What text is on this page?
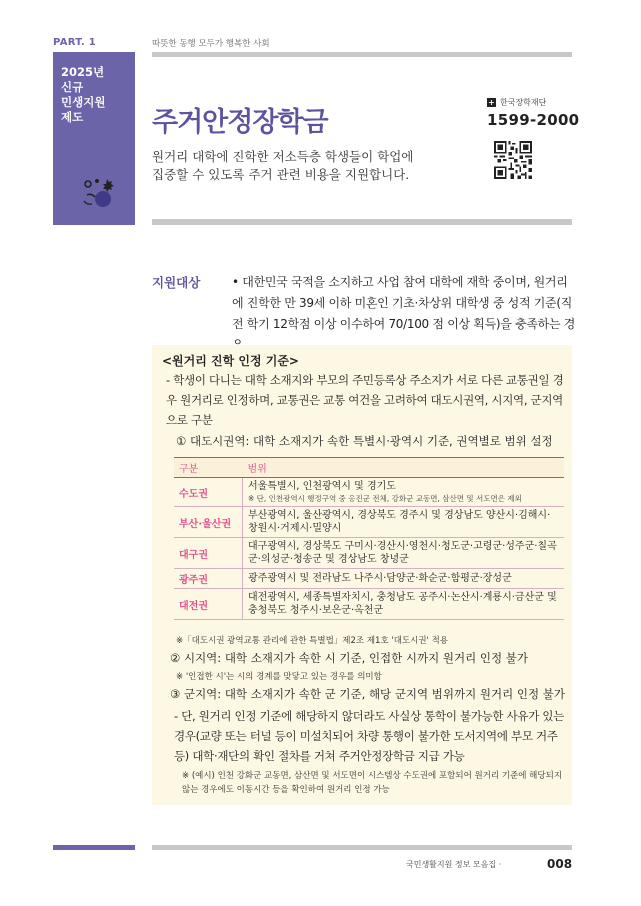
PART. 1	따뜻한 동행 모두가 행복한 사회
2025년
신규
민생지원
제도	주거안정장학금
원거리 대학에 진학한 저소득층 학생들이 학업에
집중할 수 있도록 주거 관련 비용을 지원합니다.
+ 한국장학재단
1599-2000
지원대상	• 대한민국 국적을 소지하고 사업 참여 대학에 재학 중이며, 원거리에 진학한 만 39세 이하 미혼인 기초·차상위 대학생 중 성적 기준(직전 학기 12학점 이상 이수하여 70/100 점 이상 획득)을 충족하는 경
<원거리 진학 인정 기준>
- 학생이 다니는 대학 소재지와 부모의 주민등록상 주소지가 서로 다른 교통권일 경우 원거리로 인정하며, 교통권은 교통 여건을 고려하여 대도시권역, 시지역, 군지역으로 구분
① 대도시권역: 대학 소재지가 속한 특별시·광역시 기준, 권역별로 범위 설정
구분	범위
수도권	서울특별시, 인천광역시 및 경기도
※ 단, 인천광역시 행정구역 중 옹진군 전체, 강화군 교동면, 삼산면 및 서도면은 제외

부산·울산권	부산광역시, 울산광역시, 경상북도 경주시 및 경상남도 양산시·김해시·창원시·거제시·밀양시
대구권	대구광역시, 경상북도 구미시·경산시·영천시·청도군·고령군·성주군·칠곡군·의성군·청송군 및 경상남도 창녕군
광주권	광주광역시 및 전라남도 나주시·담양군·화순군·함평군·장성군
대전권	대전광역시, 세종특별자치시, 충청남도 공주시·논산시·계룡시·금산군 및 충청북도 청주시·보은군·옥천군
※「대도시권 광역교통 관리에 관한 특별법」제2조 제1호 '대도시권' 적용
② 시지역: 대학 소재지가 속한 시 기준, 인접한 시까지 원거리 인정 불가
※ '인접한 시'는 시의 경계를 맞닿고 있는 경우를 의미함
③ 군지역: 대학 소재지가 속한 군 기준, 해당 군지역 범위까지 원거리 인정 불가
- 단, 원거리 인정 기준에 해당하지 않더라도 사실상 통학이 불가능한 사유가 있는 경우(교량 또는 터널 등이 미설치되어 차량 통행이 불가한 도서지역에 부모 거주 등) 대학·재단의 확인 절차를 거쳐 주거안정장학금 지급 가능
※ (예시) 인천 강화군 교동면, 삼산면 및 서도면이 시스템상 수도권에 포함되어 원거리 기준에 해당되지 않는 경우에도 이동시간 등을 확인하여 원거리 인정 가능
국민생활지원 정보 모음집 ·	008
